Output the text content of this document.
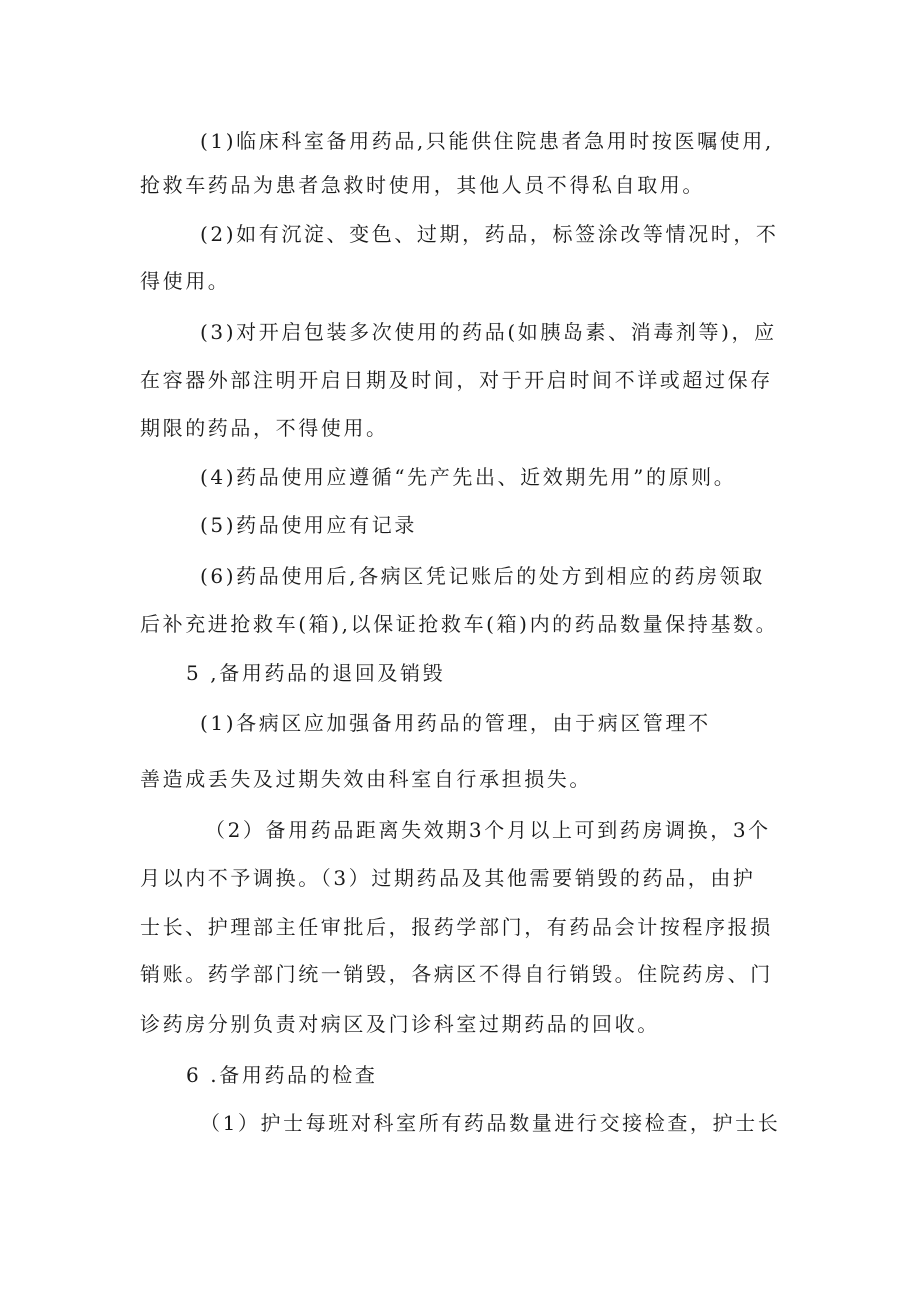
(1)临床科室备用药品,只能供住院患者急用时按医嘱使用,
抢救车药品为患者急救时使用，其他人员不得私自取用。
(2)如有沉淀、变色、过期，药品，标签涂改等情况时，不
得使用。
(3)对开启包装多次使用的药品(如胰岛素、消毒剂等)，应
在容器外部注明开启日期及时间，对于开启时间不详或超过保存
期限的药品，不得使用。
(4)药品使用应遵循“先产先出、近效期先用”的原则。
(5)药品使用应有记录
(6)药品使用后,各病区凭记账后的处方到相应的药房领取
后补充进抢救车(箱),以保证抢救车(箱)内的药品数量保持基数。
5 ,备用药品的退回及销毁
(1)各病区应加强备用药品的管理，由于病区管理不
善造成丢失及过期失效由科室自行承担损失。
（2）备用药品距离失效期3个月以上可到药房调换，3个
月以内不予调换。（3）过期药品及其他需要销毁的药品，由护
士长、护理部主任审批后，报药学部门，有药品会计按程序报损
销账。药学部门统一销毁，各病区不得自行销毁。住院药房、门
诊药房分别负责对病区及门诊科室过期药品的回收。
6 .备用药品的检查
（1）护士每班对科室所有药品数量进行交接检查，护士长
